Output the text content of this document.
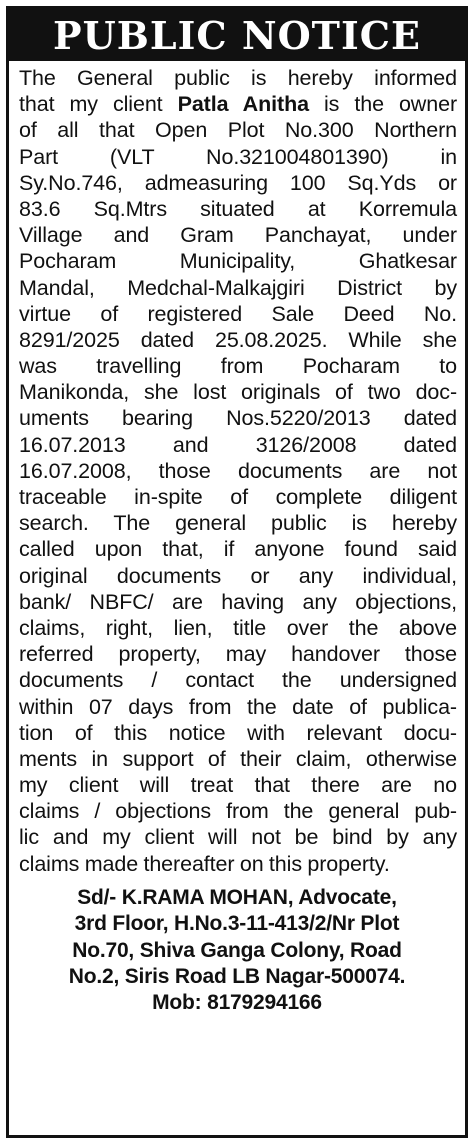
PUBLIC NOTICE
The General public is hereby informed
that my client Patla Anitha is the owner
of all that Open Plot No.300 Northern
Part (VLT No.321004801390) in
Sy.No.746, admeasuring 100 Sq.Yds or
83.6 Sq.Mtrs situated at Korremula
Village and Gram Panchayat, under
Pocharam Municipality, Ghatkesar
Mandal, Medchal-Malkajgiri District by
virtue of registered Sale Deed No.
8291/2025 dated 25.08.2025. While she
was travelling from Pocharam to
Manikonda, she lost originals of two doc-
uments bearing Nos.5220/2013 dated
16.07.2013 and 3126/2008 dated
16.07.2008, those documents are not
traceable in-spite of complete diligent
search. The general public is hereby
called upon that, if anyone found said
original documents or any individual,
bank/ NBFC/ are having any objections,
claims, right, lien, title over the above
referred property, may handover those
documents / contact the undersigned
within 07 days from the date of publica-
tion of this notice with relevant docu-
ments in support of their claim, otherwise
my client will treat that there are no
claims / objections from the general pub-
lic and my client will not be bind by any
claims made thereafter on this property.
Sd/- K.RAMA MOHAN, Advocate,
3rd Floor, H.No.3-11-413/2/Nr Plot
No.70, Shiva Ganga Colony, Road
No.2, Siris Road LB Nagar-500074.
Mob: 8179294166
